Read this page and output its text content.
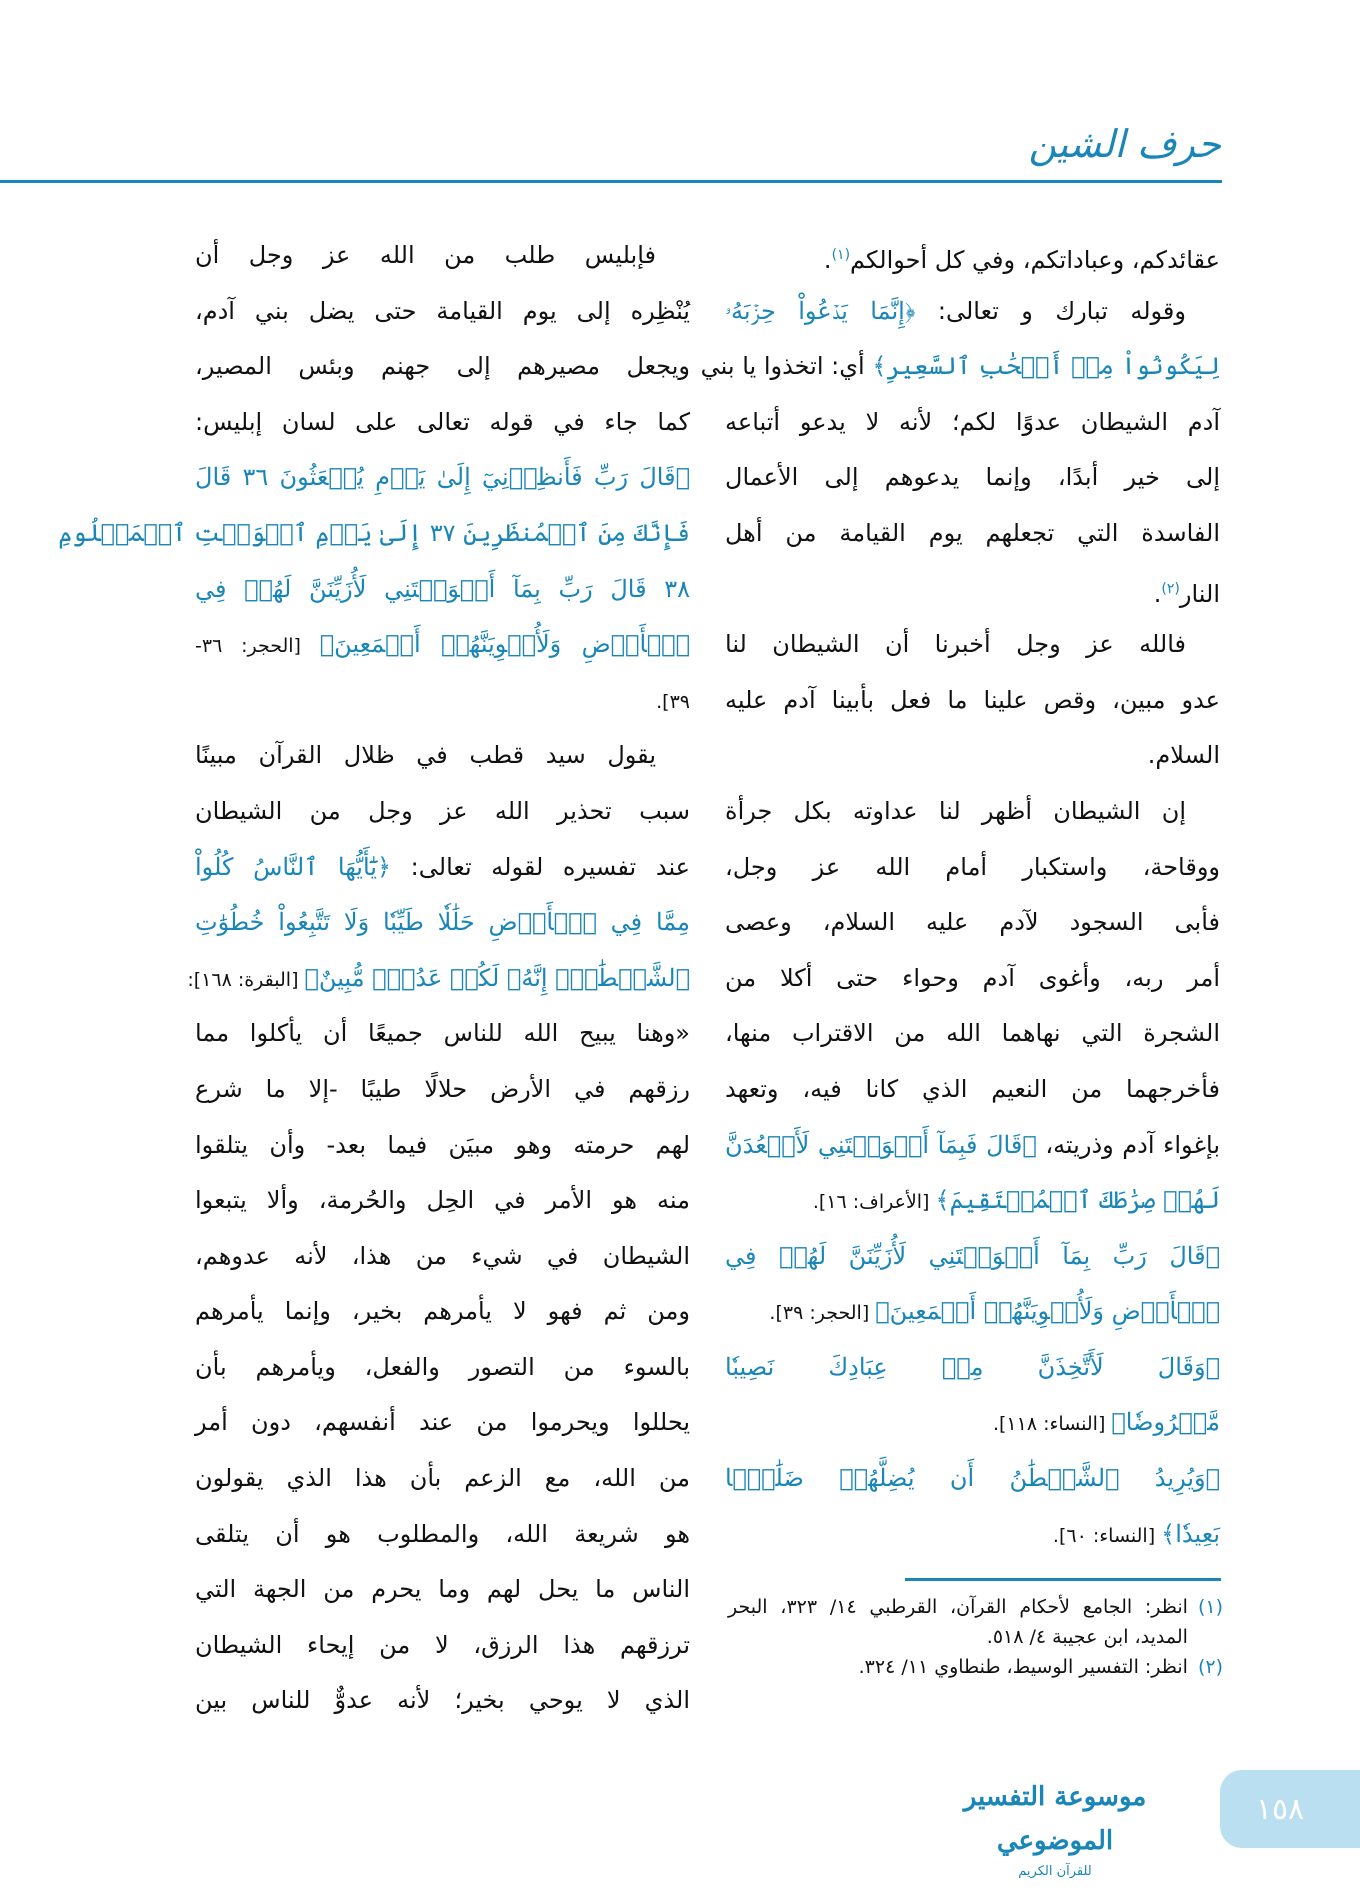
حرف الشين
عقائدكم، وعباداتكم، وفي كل أحوالكم$^{(١)}$.
وقوله تبارك و تعالى: ﴿إِنَّمَا يَدۡعُواْ حِزۡبَهُۥ
لِيَكُونُواْ مِنۡ أَصۡحَٰبِ ٱلسَّعِيرِ﴾ أي: اتخذوا يا بني
آدم الشيطان عدوًا لكم؛ لأنه لا يدعو أتباعه
إلى خير أبدًا، وإنما يدعوهم إلى الأعمال
الفاسدة التي تجعلهم يوم القيامة من أهل
النار$^{(٢)}$.
فالله عز وجل أخبرنا أن الشيطان لنا
عدو مبين، وقص علينا ما فعل بأبينا آدم عليه
السلام.
إن الشيطان أظهر لنا عداوته بكل جرأة
ووقاحة، واستكبار أمام الله عز وجل،
فأبى السجود لآدم عليه السلام، وعصى
أمر ربه، وأغوى آدم وحواء حتى أكلا من
الشجرة التي نهاهما الله من الاقتراب منها،
فأخرجهما من النعيم الذي كانا فيه، وتعهد
بإغواء آدم وذريته، ﴿قَالَ فَبِمَآ أَغۡوَيۡتَنِي لَأَقۡعُدَنَّ
لَهُمۡ صِرَٰطَكَ ٱلۡمُسۡتَقِيمَ﴾ [الأعراف: ١٦].
﴿قَالَ رَبِّ بِمَآ أَغۡوَيۡتَنِي لَأُزَيِّنَنَّ لَهُمۡ فِي
ٱلۡأَرۡضِ وَلَأُغۡوِيَنَّهُمۡ أَجۡمَعِينَ﴾ [الحجر: ٣٩].
﴿وَقَالَ لَأَتَّخِذَنَّ مِنۡ عِبَادِكَ نَصِيبٗا
مَّفۡرُوضٗا﴾ [النساء: ١١٨].
﴿وَيُرِيدُ ٱلشَّيۡطَٰنُ أَن يُضِلَّهُمۡ ضَلَٰلَۢا
بَعِيدٗا﴾ [النساء: ٦٠].
فإبليس طلب من الله عز وجل أن
يُنْظِره إلى يوم القيامة حتى يضل بني آدم،
ويجعل مصيرهم إلى جهنم وبئس المصير،
كما جاء في قوله تعالى على لسان إبليس:
﴿قَالَ رَبِّ فَأَنظِرۡنِيٓ إِلَىٰ يَوۡمِ يُبۡعَثُونَ ٣٦ قَالَ
فَإِنَّكَ مِنَ ٱلۡمُنظَرِينَ ٣٧ إِلَىٰ يَوۡمِ ٱلۡوَقۡتِ ٱلۡمَعۡلُومِ
٣٨ قَالَ رَبِّ بِمَآ أَغۡوَيۡتَنِي لَأُزَيِّنَنَّ لَهُمۡ فِي
ٱلۡأَرۡضِ وَلَأُغۡوِيَنَّهُمۡ أَجۡمَعِينَ﴾ [الحجر: ٣٦-
٣٩].
يقول سيد قطب في ظلال القرآن مبينًا
سبب تحذير الله عز وجل من الشيطان
عند تفسيره لقوله تعالى: ﴿يَٰٓأَيُّهَا ٱلنَّاسُ كُلُواْ
مِمَّا فِي ٱلۡأَرۡضِ حَلَٰلٗا طَيِّبٗا وَلَا تَتَّبِعُواْ خُطُوَٰتِ
ٱلشَّيۡطَٰنِۚ إِنَّهُۥ لَكُمۡ عَدُوّٞ مُّبِينٌ﴾ [البقرة: ١٦٨]:
«وهنا يبيح الله للناس جميعًا أن يأكلوا مما
رزقهم في الأرض حلالًا طيبًا -إلا ما شرع
لهم حرمته وهو مبيَن فيما بعد- وأن يتلقوا
منه هو الأمر في الحِل والحُرمة، وألا يتبعوا
الشيطان في شيء من هذا، لأنه عدوهم،
ومن ثم فهو لا يأمرهم بخير، وإنما يأمرهم
بالسوء من التصور والفعل، ويأمرهم بأن
يحللوا ويحرموا من عند أنفسهم، دون أمر
من الله، مع الزعم بأن هذا الذي يقولون
هو شريعة الله، والمطلوب هو أن يتلقى
الناس ما يحل لهم وما يحرم من الجهة التي
ترزقهم هذا الرزق، لا من إيحاء الشيطان
الذي لا يوحي بخير؛ لأنه عدوٌّ للناس بين
(١)
انظر: الجامع لأحكام القرآن، القرطبي ١٤/ ٣٢٣، البحر المديد، ابن عجيبة ٤/ ٥١٨.
(٢)
انظر: التفسير الوسيط، طنطاوي ١١/ ٣٢٤.
موسوعة التفسير الموضوعي
للقرآن الكريم
١٥٨
